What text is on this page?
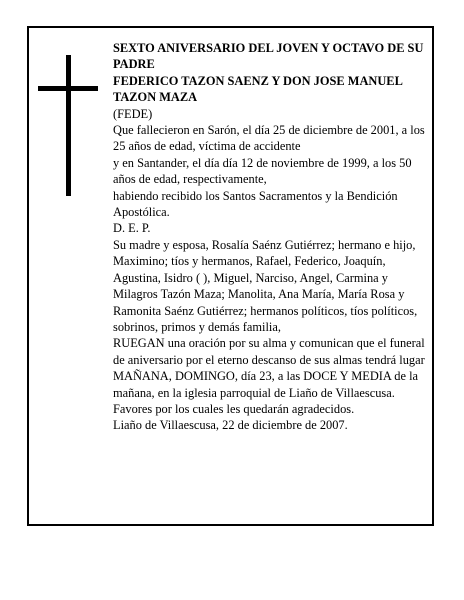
SEXTO ANIVERSARIO DEL JOVEN Y OCTAVO DE SU PADRE

FEDERICO TAZON SAENZ Y DON JOSE MANUEL TAZON MAZA

(FEDE)

Que fallecieron en Sarón, el día 25 de diciembre de 2001, a los 25 años de edad, víctima de accidente

y en Santander, el día día 12 de noviembre de 1999, a los 50 años de edad, respectivamente,

habiendo recibido los Santos Sacramentos y la Bendición Apostólica.

D. E. P.

Su madre y esposa, Rosalía Saénz Gutiérrez; hermano e hijo, Maximino; tíos y hermanos, Rafael, Federico, Joaquín, Agustina, Isidro ( ), Miguel, Narciso, Angel, Carmina y Milagros Tazón Maza; Manolita, Ana María, María Rosa y Ramonita Saénz Gutiérrez; hermanos políticos, tíos políticos, sobrinos, primos y demás familia,

RUEGAN una oración por su alma y comunican que el funeral de aniversario por el eterno descanso de sus almas tendrá lugar MAÑANA, DOMINGO, día 23, a las DOCE Y MEDIA de la mañana, en la iglesia parroquial de Liaño de Villaescusa. Favores por los cuales les quedarán agradecidos.

Liaño de Villaescusa, 22 de diciembre de 2007.
